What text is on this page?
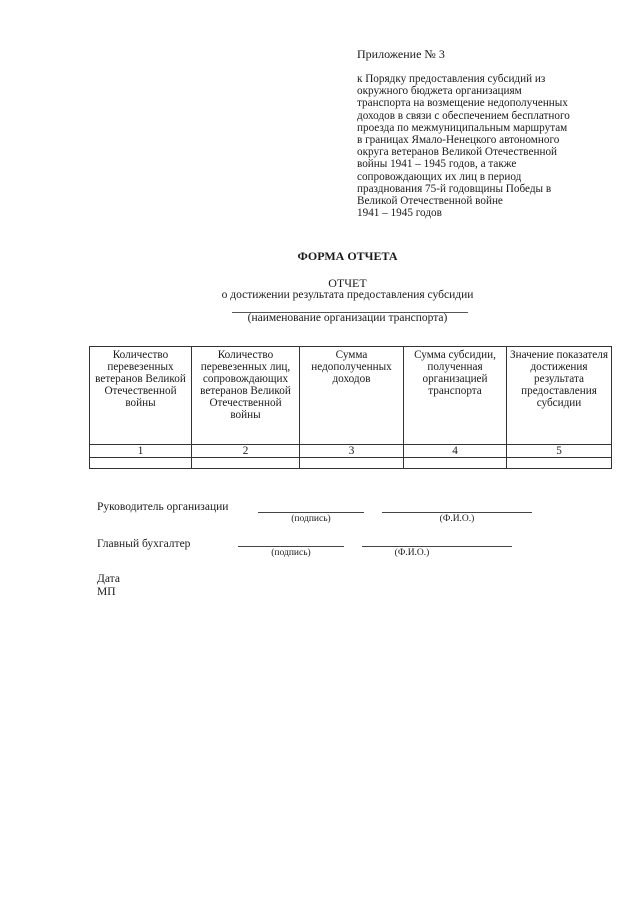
Приложение № 3
к Порядку предоставления субсидий из
окружного бюджета организациям
транспорта на возмещение недополученных
доходов в связи с обеспечением бесплатного
проезда по межмуниципальным маршрутам
в границах Ямало-Ненецкого автономного
округа ветеранов Великой Отечественной
войны 1941 – 1945 годов, а также
сопровождающих их лиц в период
празднования 75-й годовщины Победы в
Великой Отечественной войне
1941 – 1945 годов
ФОРМА ОТЧЕТА
ОТЧЕТ
о достижении результата предоставления субсидии
(наименование организации транспорта)
Количество перевезенных ветеранов Великой Отечественной войны	Количество перевезенных лиц, сопровождающих ветеранов Великой Отечественной войны	Сумма недополученных доходов	Сумма субсидии, полученная организацией транспорта	Значение показателя достижения результата предоставления субсидии
1	2	3	4	5

Руководитель организации
(подпись)	(Ф.И.О.)
Главный бухгалтер
(подпись)	(Ф.И.О.)
Дата
МП
